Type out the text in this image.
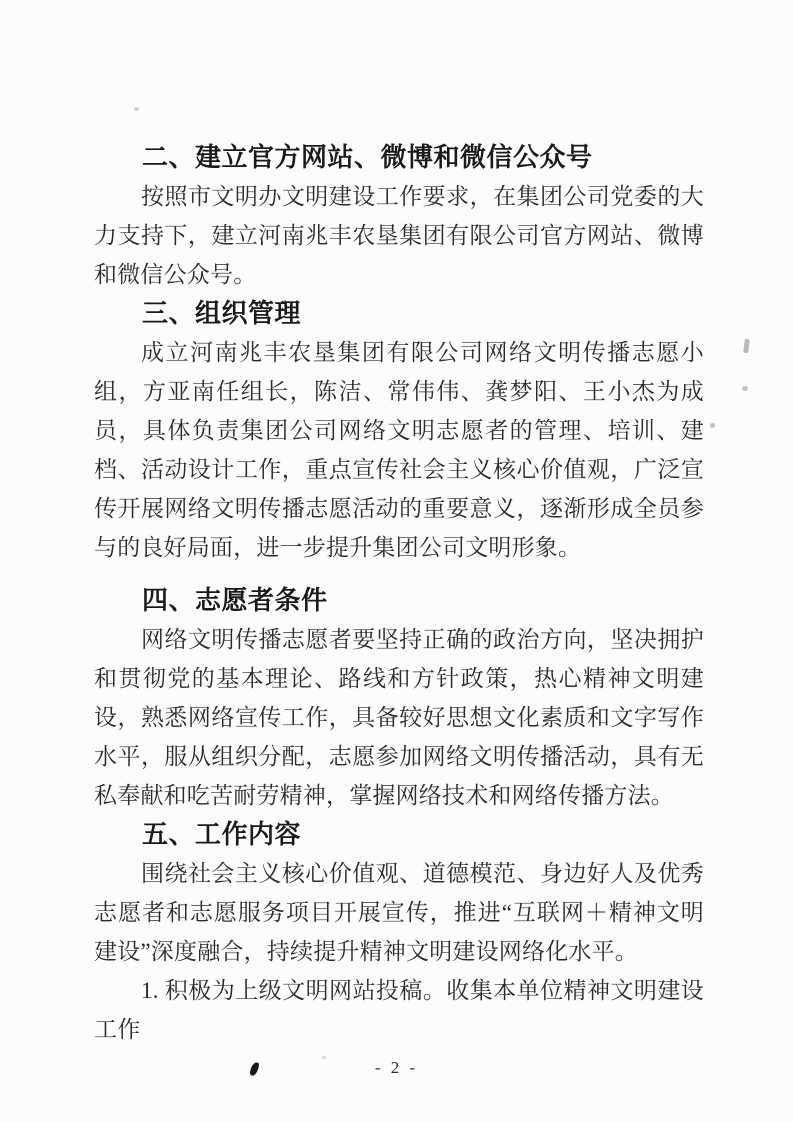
二、建立官方网站、微博和微信公众号

按照市文明办文明建设工作要求，在集团公司党委的大力支持下，建立河南兆丰农垦集团有限公司官方网站、微博和微信公众号。

三、组织管理

成立河南兆丰农垦集团有限公司网络文明传播志愿小组，方亚南任组长，陈洁、常伟伟、龚梦阳、王小杰为成员，具体负责集团公司网络文明志愿者的管理、培训、建档、活动设计工作，重点宣传社会主义核心价值观，广泛宣传开展网络文明传播志愿活动的重要意义，逐渐形成全员参与的良好局面，进一步提升集团公司文明形象。

四、志愿者条件

网络文明传播志愿者要坚持正确的政治方向，坚决拥护和贯彻党的基本理论、路线和方针政策，热心精神文明建设，熟悉网络宣传工作，具备较好思想文化素质和文字写作水平，服从组织分配，志愿参加网络文明传播活动，具有无私奉献和吃苦耐劳精神，掌握网络技术和网络传播方法。

五、工作内容

围绕社会主义核心价值观、道德模范、身边好人及优秀志愿者和志愿服务项目开展宣传，推进“互联网＋精神文明建设”深度融合，持续提升精神文明建设网络化水平。

1. 积极为上级文明网站投稿。收集本单位精神文明建设工作

- 2 -
